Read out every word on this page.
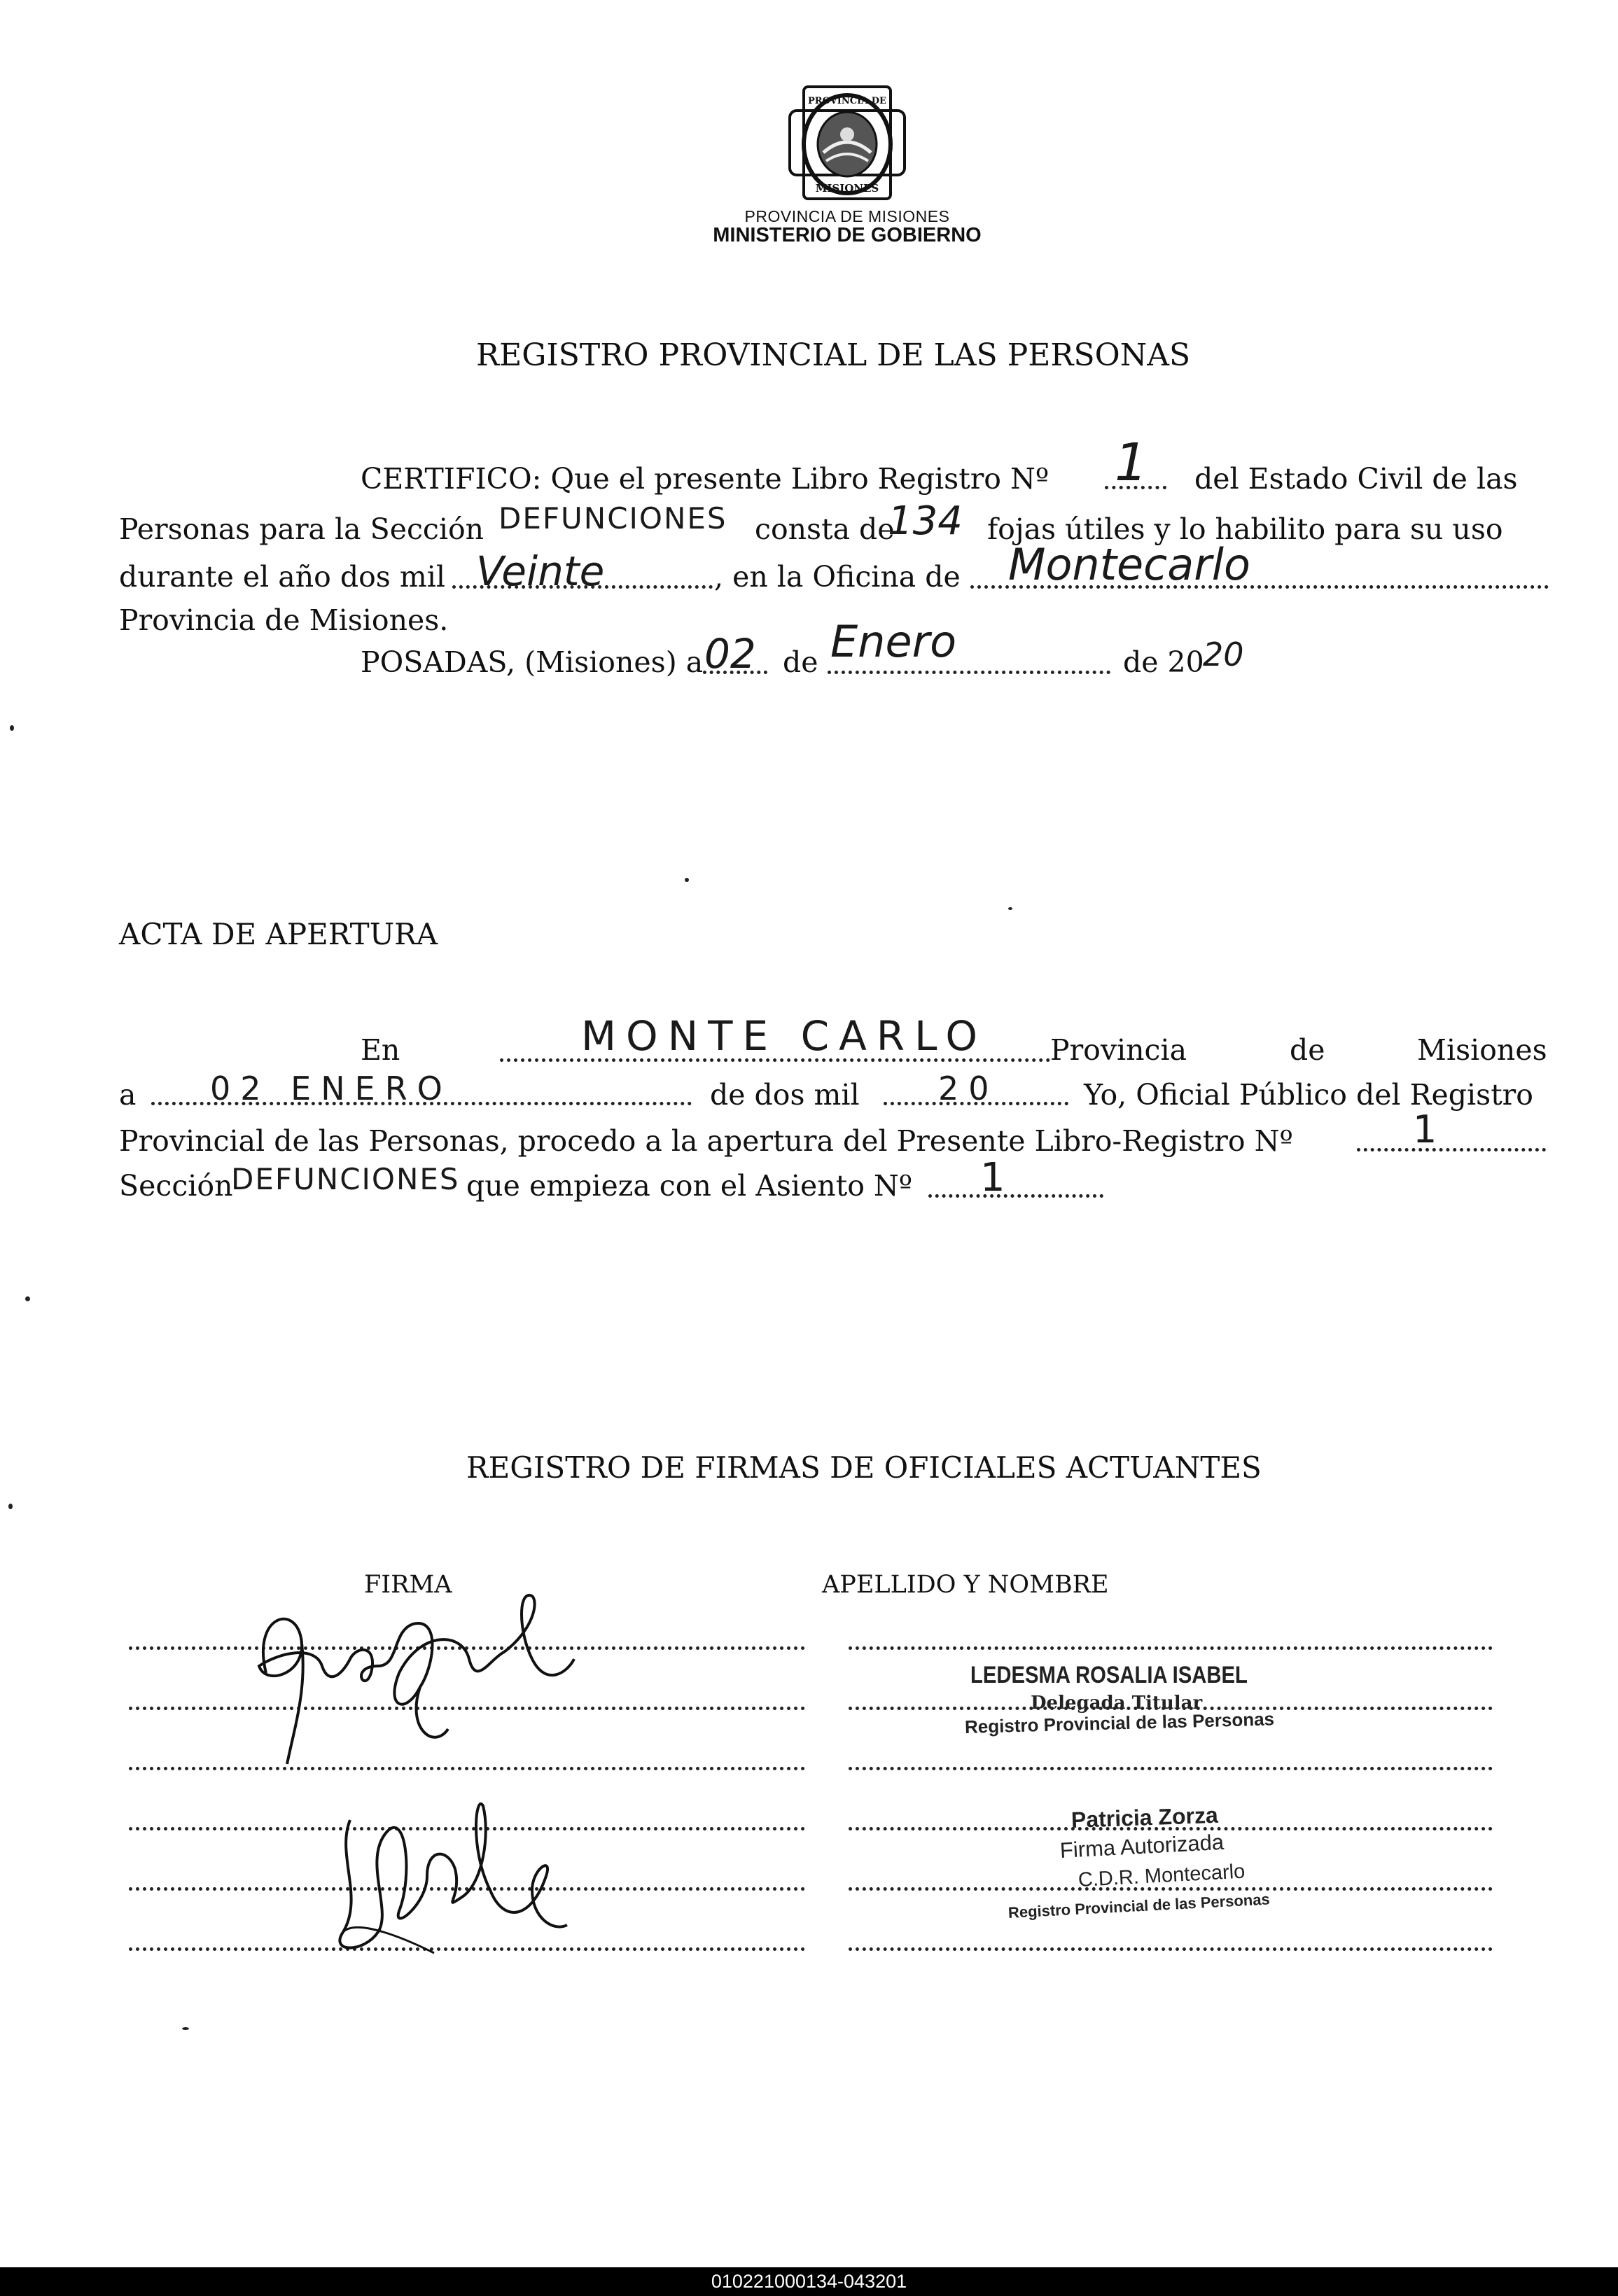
PROVINCIA DE
MISIONES
PROVINCIA DE MISIONES
MINISTERIO DE GOBIERNO
REGISTRO PROVINCIAL DE LAS PERSONAS
CERTIFICO: Que el presente Libro Registro Nº 1 del Estado Civil de las
Personas para la Sección DEFUNCIONES consta de
134 fojas útiles y lo habilito para su uso
durante el año dos mil Veinte	, en la Oficina de Montecarlo
Provincia de Misiones.
POSADAS, (Misiones) a 02 de Enero	de 20
20
ACTA DE APERTURA
En	MONTE CARLO Provincia	de	Misiones
a 02 ENERO	de dos mil 20	Yo, Oficial Público del Registro
Provincial de las Personas, procedo a la apertura del Presente Libro-Registro Nº	1
Sección
DEFUNCIONES que empieza con el Asiento Nº 1
REGISTRO DE FIRMAS DE OFICIALES ACTUANTES
FIRMA	APELLIDO Y NOMBRE
LEDESMA ROSALIA ISABEL
Delegada Titular
Registro Provincial de las Personas
Patricia Zorza
Firma Autorizada
C.D.R. Montecarlo
Registro Provincial de las Personas
010221000134-043201
